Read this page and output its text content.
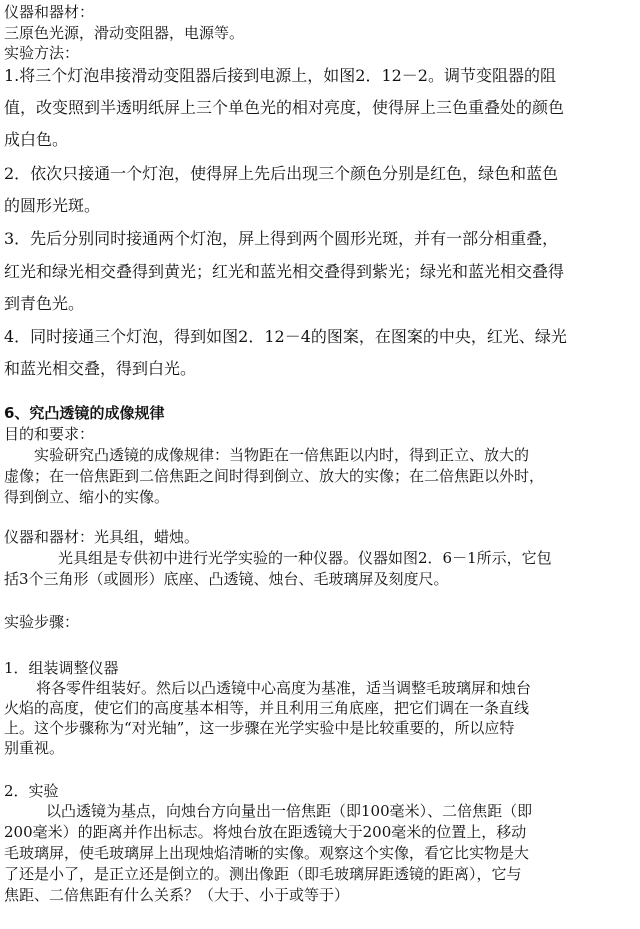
仪器和器材：
三原色光源，滑动变阻器，电源等。
实验方法：
1.将三个灯泡串接滑动变阻器后接到电源上，如图2．12－2。调节变阻器的阻
值，改变照到半透明纸屏上三个单色光的相对亮度，使得屏上三色重叠处的颜色
成白色。
2．依次只接通一个灯泡，使得屏上先后出现三个颜色分别是红色，绿色和蓝色
的圆形光斑。
3．先后分别同时接通两个灯泡，屏上得到两个圆形光斑，并有一部分相重叠，
红光和绿光相交叠得到黄光；红光和蓝光相交叠得到紫光；绿光和蓝光相交叠得
到青色光。
4．同时接通三个灯泡，得到如图2．12－4的图案，在图案的中央，红光、绿光
和蓝光相交叠，得到白光。
6、究凸透镜的成像规律
目的和要求：
实验研究凸透镜的成像规律：当物距在一倍焦距以内时，得到正立、放大的
虚像；在一倍焦距到二倍焦距之间时得到倒立、放大的实像；在二倍焦距以外时，
得到倒立、缩小的实像。
仪器和器材：光具组，蜡烛。
光具组是专供初中进行光学实验的一种仪器。仪器如图2．6－1所示，它包
括3个三角形（或圆形）底座、凸透镜、烛台、毛玻璃屏及刻度尺。
实验步骤：
1．组装调整仪器
将各零件组装好。然后以凸透镜中心高度为基准，适当调整毛玻璃屏和烛台
火焰的高度，使它们的高度基本相等，并且利用三角底座，把它们调在一条直线
上。这个步骤称为“对光轴”，这一步骤在光学实验中是比较重要的，所以应特
别重视。
2．实验
以凸透镜为基点，向烛台方向量出一倍焦距（即100毫米）、二倍焦距（即
200毫米）的距离并作出标志。将烛台放在距透镜大于200毫米的位置上，移动
毛玻璃屏，使毛玻璃屏上出现烛焰清晰的实像。观察这个实像，看它比实物是大
了还是小了，是正立还是倒立的。测出像距（即毛玻璃屏距透镜的距离），它与
焦距、二倍焦距有什么关系？（大于、小于或等于）
